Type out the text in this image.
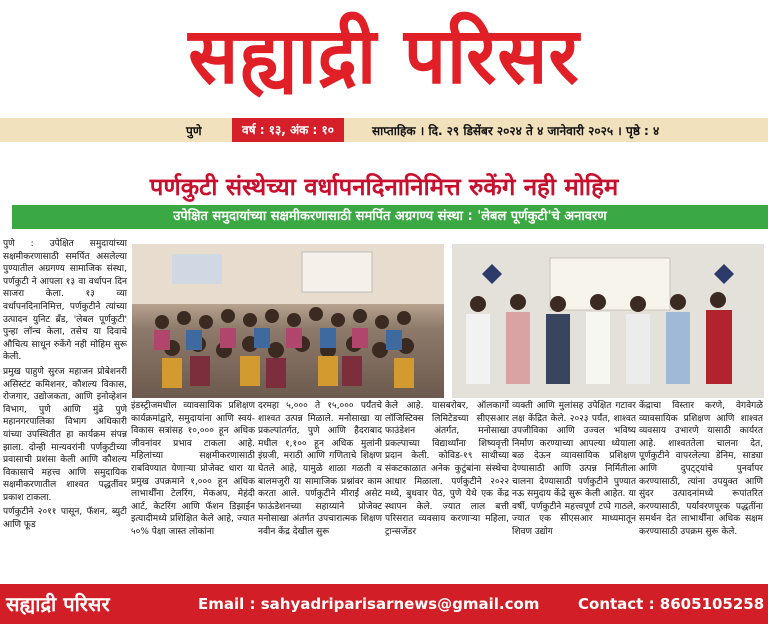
सह्याद्री परिसर
पुणे	वर्ष : १३, अंक : १०	साप्ताहिक । दि. २९ डिसेंबर २०२४ ते ४ जानेवारी २०२५ । पृष्ठे : ४
पर्णकुटी संस्थेच्या वर्धापनदिनानिमित्त रुकेंगे नही मोहिम
उपेक्षित समुदायांच्या सक्षमीकरणासाठी समर्पित अग्रगण्य संस्था : 'लेबल पूर्णकुटी'चे अनावरण

पुणे : उपेक्षित समुदायांच्या सक्षमीकरणासाठी समर्पित असलेल्या पुण्यातील अग्रगण्य सामाजिक संस्था, पर्णकुटी ने आपला १३ वा वर्धापन दिन साजरा केला. १३ व्या वर्धापनदिनानिमित्त, पर्णकुटीने त्यांच्या उत्पादन युनिट ब्रँड, 'लेबल पूर्णकुटी' पुन्हा लॉन्च केला, तसेच या दिवाचे औचित्य साधून रुकेंगे नही मोहिम सुरू केली.

प्रमुख पाहुणे सुरज महाजन प्रोबेशनरी असिस्टंट कमिशनर, कौशल्य विकास, रोजगार, उद्योजकता, आणि इनोव्हेशन विभाग, पुणे आणि मुंढे पुणे महानगरपालिका विभाग अधिकारी यांच्या उपस्थितीत हा कार्यक्रम संपन्न झाला. दोन्ही मान्यवरांनी पर्णकुटीच्या प्रवासाची प्रशंसा केली आणि कौशल्य विकासाचे महत्त्व आणि समुदायिक सक्षमीकरणातील शाश्वत पद्धतींवर प्रकाश टाकला.

पर्णकुटीने २०११ पासून, फॅशन, ब्युटी आणि फूड

इंडस्ट्रीजमधील व्यावसायिक प्रशिक्षण कार्यक्रमांद्वारे, समुदायांना आणि स्वयं-विकास सत्रांसह १०,००० हून अधिक जीवनांवर प्रभाव टाकला आहे. महिलांच्या सक्षमीकरणासाठी राबविण्यात येणाऱ्या प्रोजेक्ट धारा या प्रमुख उपक्रमाने १,००० हून अधिक लाभार्थींना टेलरिंग, मेकअप, मेहंदी आर्ट, केटरिंग आणि फॅशन डिझाईन इत्यादीमध्ये प्रशिक्षित केले आहे, ज्यात ५०% पेक्षा जास्त लोकांना
दरमहा ५,००० ते १५,००० पर्यंतचे शाश्वत उत्पन्न मिळाले. मनोसाखा या प्रकल्पांतर्गत, पुणे आणि हैदराबाद मधील १,१०० हून अधिक मुलांनी इंग्रजी, मराठी आणि गणिताचे शिक्षण घेतले आहे, यामुळे शाळा गळती व बालमजुरी या सामाजिक प्रश्नांवर काम करता आले. पर्णकुटीने मीराई असेट फाऊंडेशनच्या सहाय्याने प्रोजेक्ट मनोसाखा अंतर्गत उपचारात्मक शिक्षण नवीन केंद्र देखील सुरू
केले आहे. यासबरोबर, ऑलकार्गो लॉजिस्टिक्स लिमिटेडच्या सीएसआर फाउंडेशन अंतर्गत, मनोसाखा प्रकल्पाच्या विद्यार्थ्यांना शिष्यवृत्ती प्रदान केली. कोविड-१९ साथीच्या संकटकाळात अनेक कुटुंबांना संस्थेचा आधार मिळाला. पर्णकुटीने २०२२ मध्ये, बुधवार पेठ, पुणे येथे एक केंद्र स्थापन केले. ज्यात लाल बत्ती परिसरात व्यवसाय करणाऱ्या महिला, ट्रान्सजेंडर
व्यक्ती आणि मुलांसह उपेक्षित गटावर लक्ष केंद्रित केले. २०२३ पर्यंत, शाश्वत उपजीविका आणि उज्वल भविष्य निर्माण करण्याच्या आपल्या ध्येयाला बळ देऊन व्यावसायिक प्रशिक्षण देण्यासाठी आणि उत्पन्न निर्मितीला चालना देण्यासाठी पर्णकुटीने पुण्यात नऊ समुदाय केंद्रे सुरू केली आहेत. या वर्षी, पर्णकुटीने महत्त्वपूर्ण टप्पे गाठले, ज्यात एक सीएसआर माध्यमातून शिवण उद्योग
केंद्राचा विस्तार करणे, वेगवेगळे व्यावसायिक प्रशिक्षण आणि शाश्वत व्यवसाय उभारणे यासाठी कार्यरत आहे. शाश्वततेला चालना देत, पूर्णकुटीने वापरलेल्या डेनिम, साड्या आणि दुपट्ट्यांचे पुनर्वापर करण्यासाठी, त्यांना उपयुक्त आणि सुंदर उत्पादनांमध्ये रूपांतरित करण्यासाठी, पर्यावरणपूरक पद्धतींना समर्थन देत लाभार्थींना अधिक सक्षम करण्यासाठी उपक्रम सुरू केले.
सह्याद्री परिसर	Email : sahyadriparisarnews@gmail.com	Contact : 8605105258
